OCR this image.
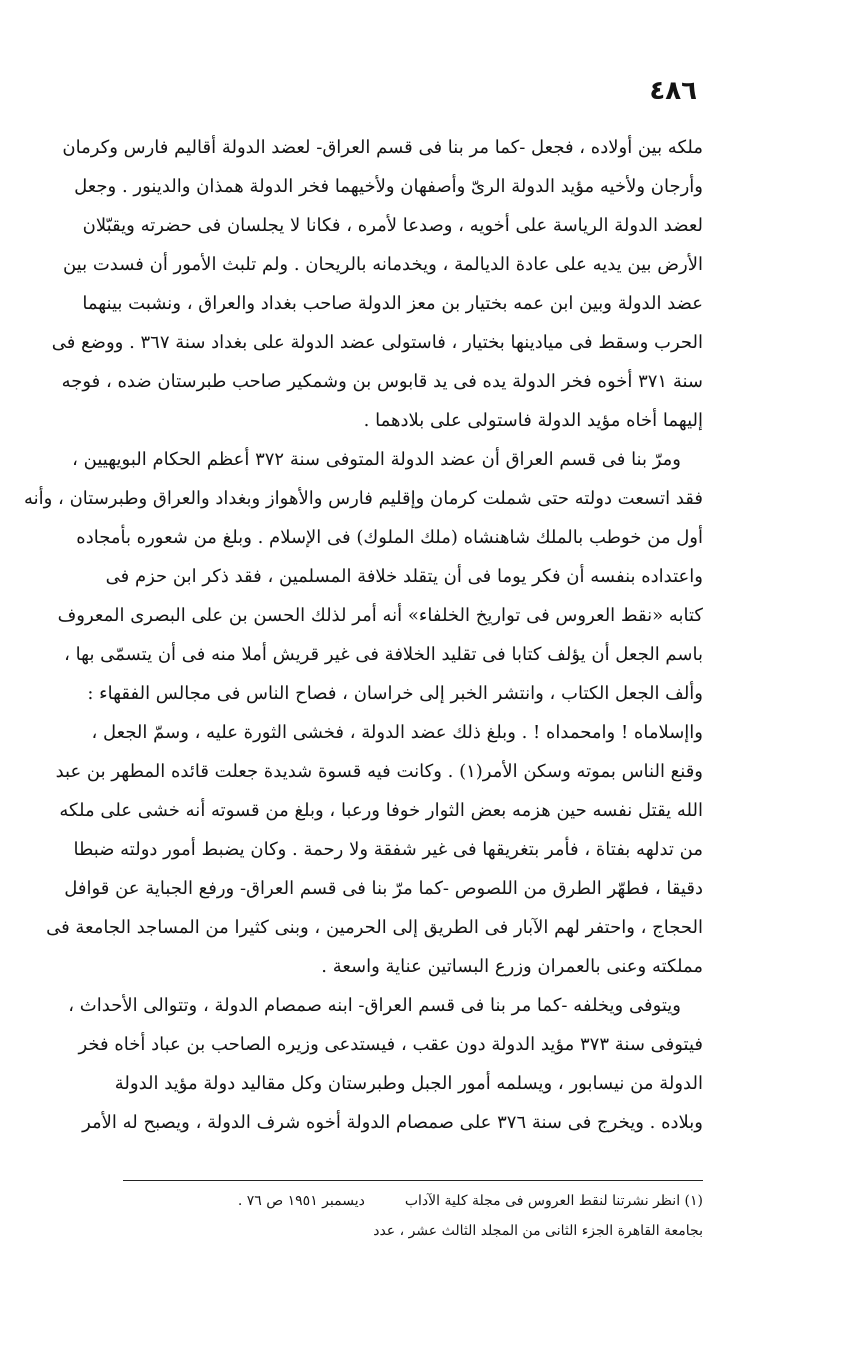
٤٨٦
ملكه بين أولاده ، فجعل -كما مر بنا فى قسم العراق- لعضد الدولة أقاليم فارس وكرمان
وأرجان ولأخيه مؤيد الدولة الرىّ وأصفهان ولأخيهما فخر الدولة همذان والدينور . وجعل
لعضد الدولة الرياسة على أخويه ، وصدعا لأمره ، فكانا لا يجلسان فى حضرته ويقبّلان
الأرض بين يديه على عادة الديالمة ، ويخدمانه بالريحان . ولم تلبث الأمور أن فسدت بين
عضد الدولة وبين ابن عمه بختيار بن معز الدولة صاحب بغداد والعراق ، ونشبت بينهما
الحرب وسقط فى ميادينها بختيار ، فاستولى عضد الدولة على بغداد سنة ٣٦٧ . ووضع فى
سنة ٣٧١ أخوه فخر الدولة يده فى يد قابوس بن وشمكير صاحب طبرستان ضده ، فوجه
إليهما أخاه مؤيد الدولة فاستولى على بلادهما .
ومرّ بنا فى قسم العراق أن عضد الدولة المتوفى سنة ٣٧٢ أعظم الحكام البويهيين ،
فقد اتسعت دولته حتى شملت كرمان وإقليم فارس والأهواز وبغداد والعراق وطبرستان ، وأنه
أول من خوطب بالملك شاهنشاه (ملك الملوك) فى الإسلام . وبلغ من شعوره بأمجاده
واعتداده بنفسه أن فكر يوما فى أن يتقلد خلافة المسلمين ، فقد ذكر ابن حزم فى
كتابه «نقط العروس فى تواريخ الخلفاء» أنه أمر لذلك الحسن بن على البصرى المعروف
باسم الجعل أن يؤلف كتابا فى تقليد الخلافة فى غير قريش أملا منه فى أن يتسمّى بها ،
وألف الجعل الكتاب ، وانتشر الخبر إلى خراسان ، فصاح الناس فى مجالس الفقهاء :
واإسلاماه ! وامحمداه ! . وبلغ ذلك عضد الدولة ، فخشى الثورة عليه ، وسمّ الجعل ،
وقنع الناس بموته وسكن الأمر(١) . وكانت فيه قسوة شديدة جعلت قائده المطهر بن عبد
الله يقتل نفسه حين هزمه بعض الثوار خوفا ورعبا ، وبلغ من قسوته أنه خشى على ملكه
من تدلهه بفتاة ، فأمر بتغريقها فى غير شفقة ولا رحمة . وكان يضبط أمور دولته ضبطا
دقيقا ، فطهّر الطرق من اللصوص -كما مرّ بنا فى قسم العراق- ورفع الجباية عن قوافل
الحجاج ، واحتفر لهم الآبار فى الطريق إلى الحرمين ، وبنى كثيرا من المساجد الجامعة فى
مملكته وعنى بالعمران وزرع البساتين عناية واسعة .
ويتوفى ويخلفه -كما مر بنا فى قسم العراق- ابنه صمصام الدولة ، وتتوالى الأحداث ،
فيتوفى سنة ٣٧٣ مؤيد الدولة دون عقب ، فيستدعى وزيره الصاحب بن عباد أخاه فخر
الدولة من نيسابور ، ويسلمه أمور الجبل وطبرستان وكل مقاليد دولة مؤيد الدولة
وبلاده . ويخرج فى سنة ٣٧٦ على صمصام الدولة أخوه شرف الدولة ، ويصبح له الأمر
(١) انظر نشرتنا لنقط العروس فى مجلة كلية الآدابديسمبر ١٩٥١ ص ٧٦ .
بجامعة القاهرة الجزء الثانى من المجلد الثالث عشر ، عدد
